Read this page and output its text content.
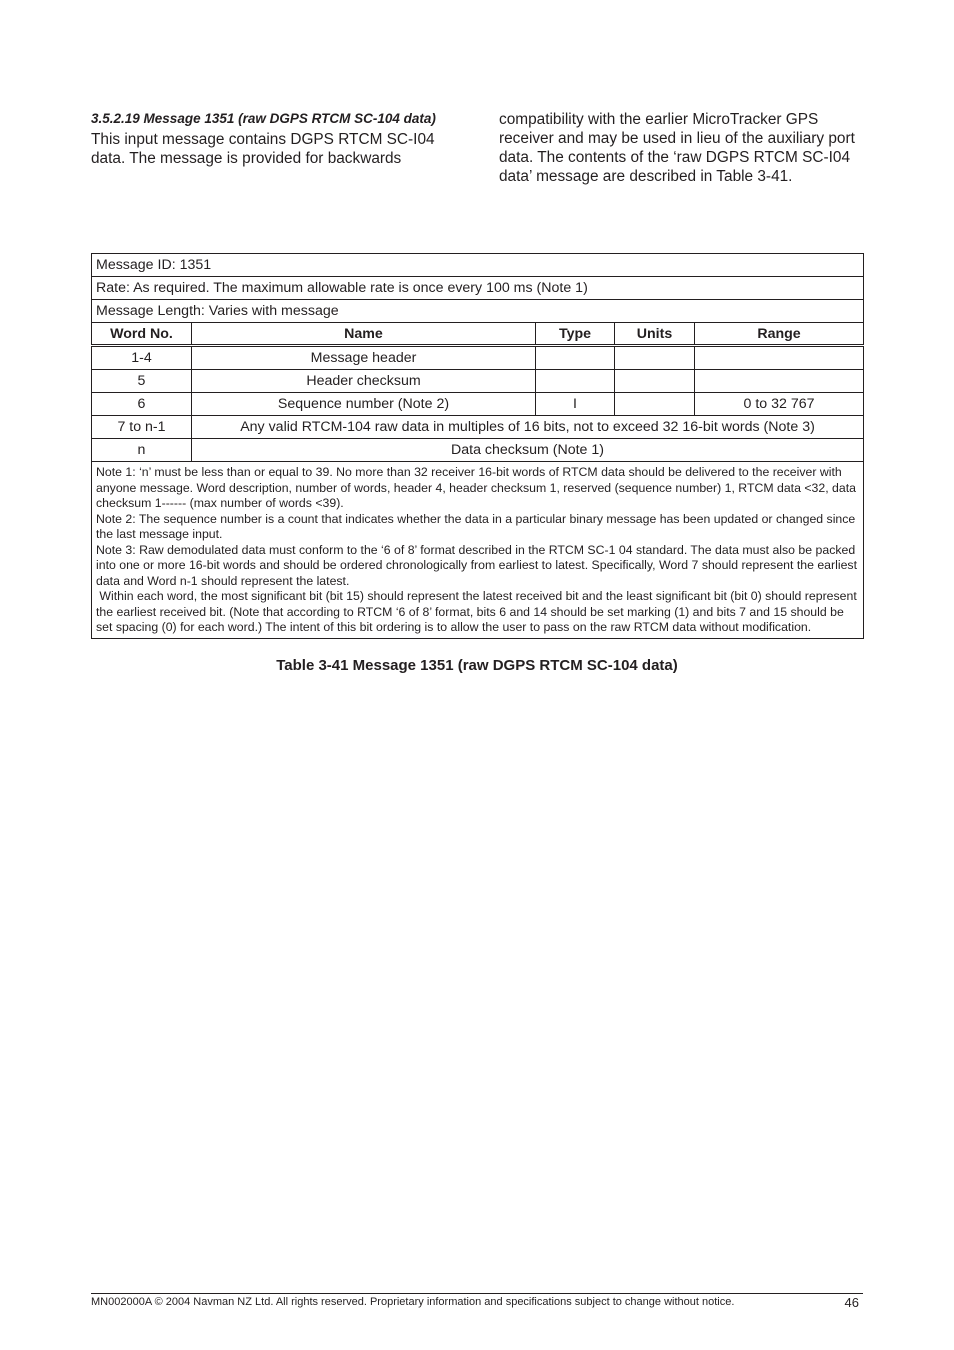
3.5.2.19 Message 1351 (raw DGPS RTCM SC-104 data)

This input message contains DGPS RTCM SC-I04 data. The message is provided for backwards

compatibility with the earlier MicroTracker GPS receiver and may be used in lieu of the auxiliary port data. The contents of the ‘raw DGPS RTCM SC-I04 data’ message are described in Table 3-41.

Message ID: 1351				
Rate: As required. The maximum allowable rate is once every 100 ms (Note 1)				
Message Length: Varies with message				
Word No.	Name	Type	Units	Range
1-4	Message header			
5	Header checksum			
6	Sequence number (Note 2)	I		0 to 32 767
7 to n-1	Any valid RTCM-104 raw data in multiples of 16 bits, not to exceed 32 16-bit words (Note 3)			
n	Data checksum (Note 1)			

Note 1: ‘n’ must be less than or equal to 39. No more than 32 receiver 16-bit words of RTCM data should be delivered to the receiver with anyone message. Word description, number of words, header 4, header checksum 1, reserved (sequence number) 1, RTCM data <32, data checksum 1------ (max number of words <39).
Note 2: The sequence number is a count that indicates whether the data in a particular binary message has been updated or changed since the last message input.
Note 3: Raw demodulated data must conform to the ‘6 of 8’ format described in the RTCM SC-1 04 standard. The data must also be packed into one or more 16-bit words and should be ordered chronologically from earliest to latest. Specifically, Word 7 should represent the earliest data and Word n-1 should represent the latest.
Within each word, the most significant bit (bit 15) should represent the latest received bit and the least significant bit (bit 0) should represent the earliest received bit. (Note that according to RTCM ‘6 of 8’ format, bits 6 and 14 should be set marking (1) and bits 7 and 15 should be set spacing (0) for each word.) The intent of this bit ordering is to allow the user to pass on the raw RTCM data without modification.				
Table 3-41 Message 1351 (raw DGPS RTCM SC-104 data)
MN002000A © 2004 Navman NZ Ltd. All rights reserved. Proprietary information and specifications subject to change without notice.	46
